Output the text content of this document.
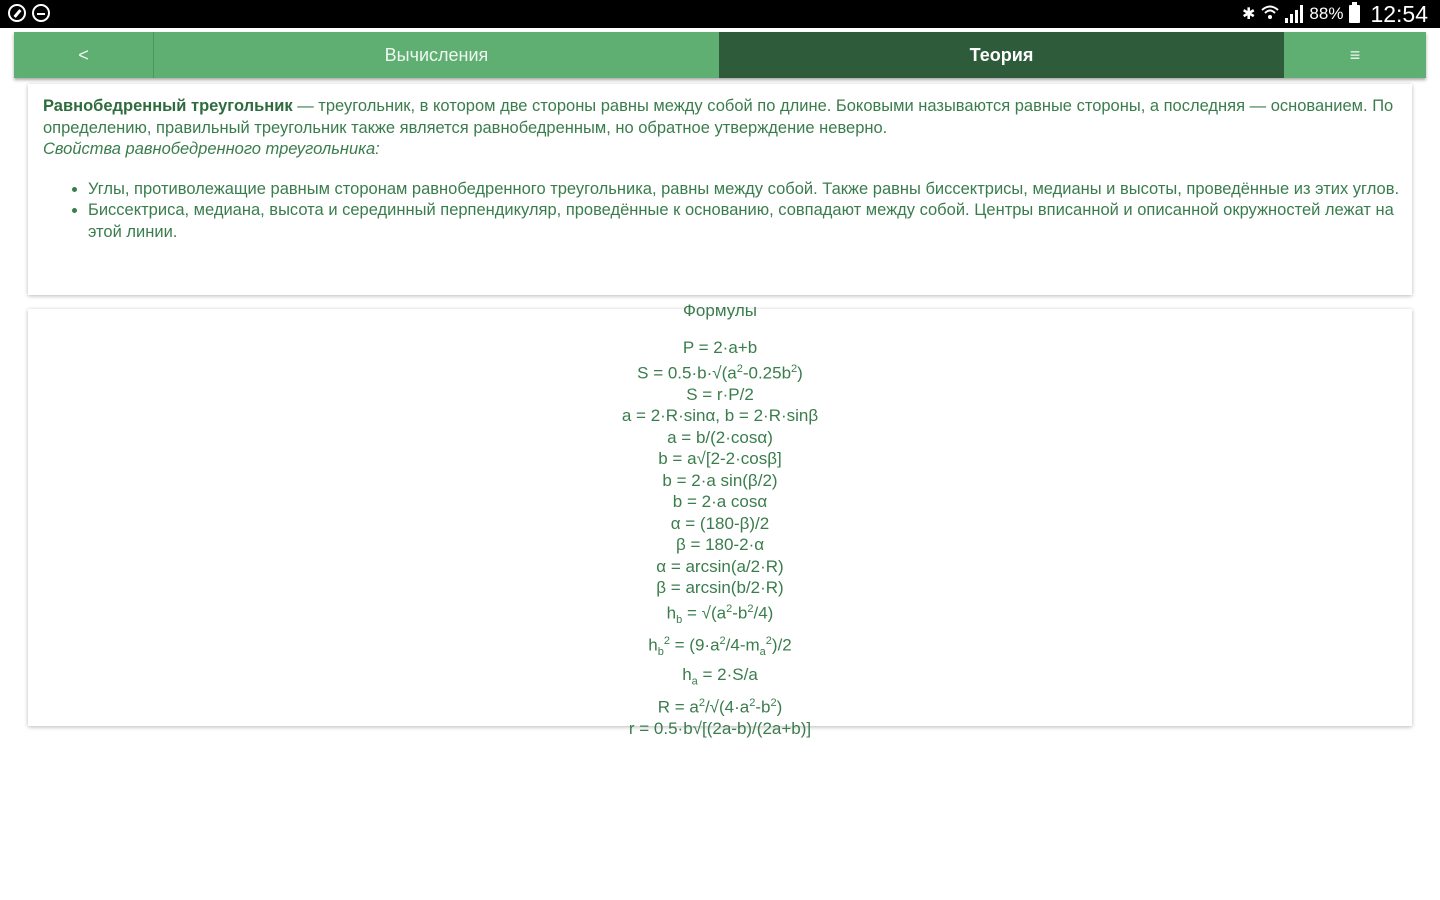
✱	88% 12:54
<	Вычисления	Теория	≡
Равнобедренный треугольник — треугольник, в котором две стороны равны между собой по длине. Боковыми называются равные стороны, а последняя — основанием. По определению, правильный треугольник также является равнобедренным, но обратное утверждение неверно.
Свойства равнобедренного треугольника:
• Углы, противолежащие равным сторонам равнобедренного треугольника, равны между собой. Также равны биссектрисы, медианы и высоты, проведённые из этих углов.
• Биссектриса, медиана, высота и серединный перпендикуляр, проведённые к основанию, совпадают между собой. Центры вписанной и описанной окружностей лежат на этой линии.
Формулы
P = 2·a+b
$S = 0.5\cdot b\cdot√(a^2-0.25b^2)$
S = r·P/2
a = 2·R·sinα, b = 2·R·sinβ
a = b/(2·cosα)
b = a√[2-2·cosβ]
b = 2·a sin(β/2)
b = 2·a cosα
α = (180-β)/2
β = 180-2·α
α = arcsin(a/2·R)
β = arcsin(b/2·R)
$h_b = √(a^2-b^2/4)$
$h_b^2 = (9\cdot a^2/4-m_a^2)/2$
$h_a = 2\cdot S/a$
$R = a^2/√(4\cdot a^2-b^2)$
r = 0.5·b√[(2a-b)/(2a+b)]
